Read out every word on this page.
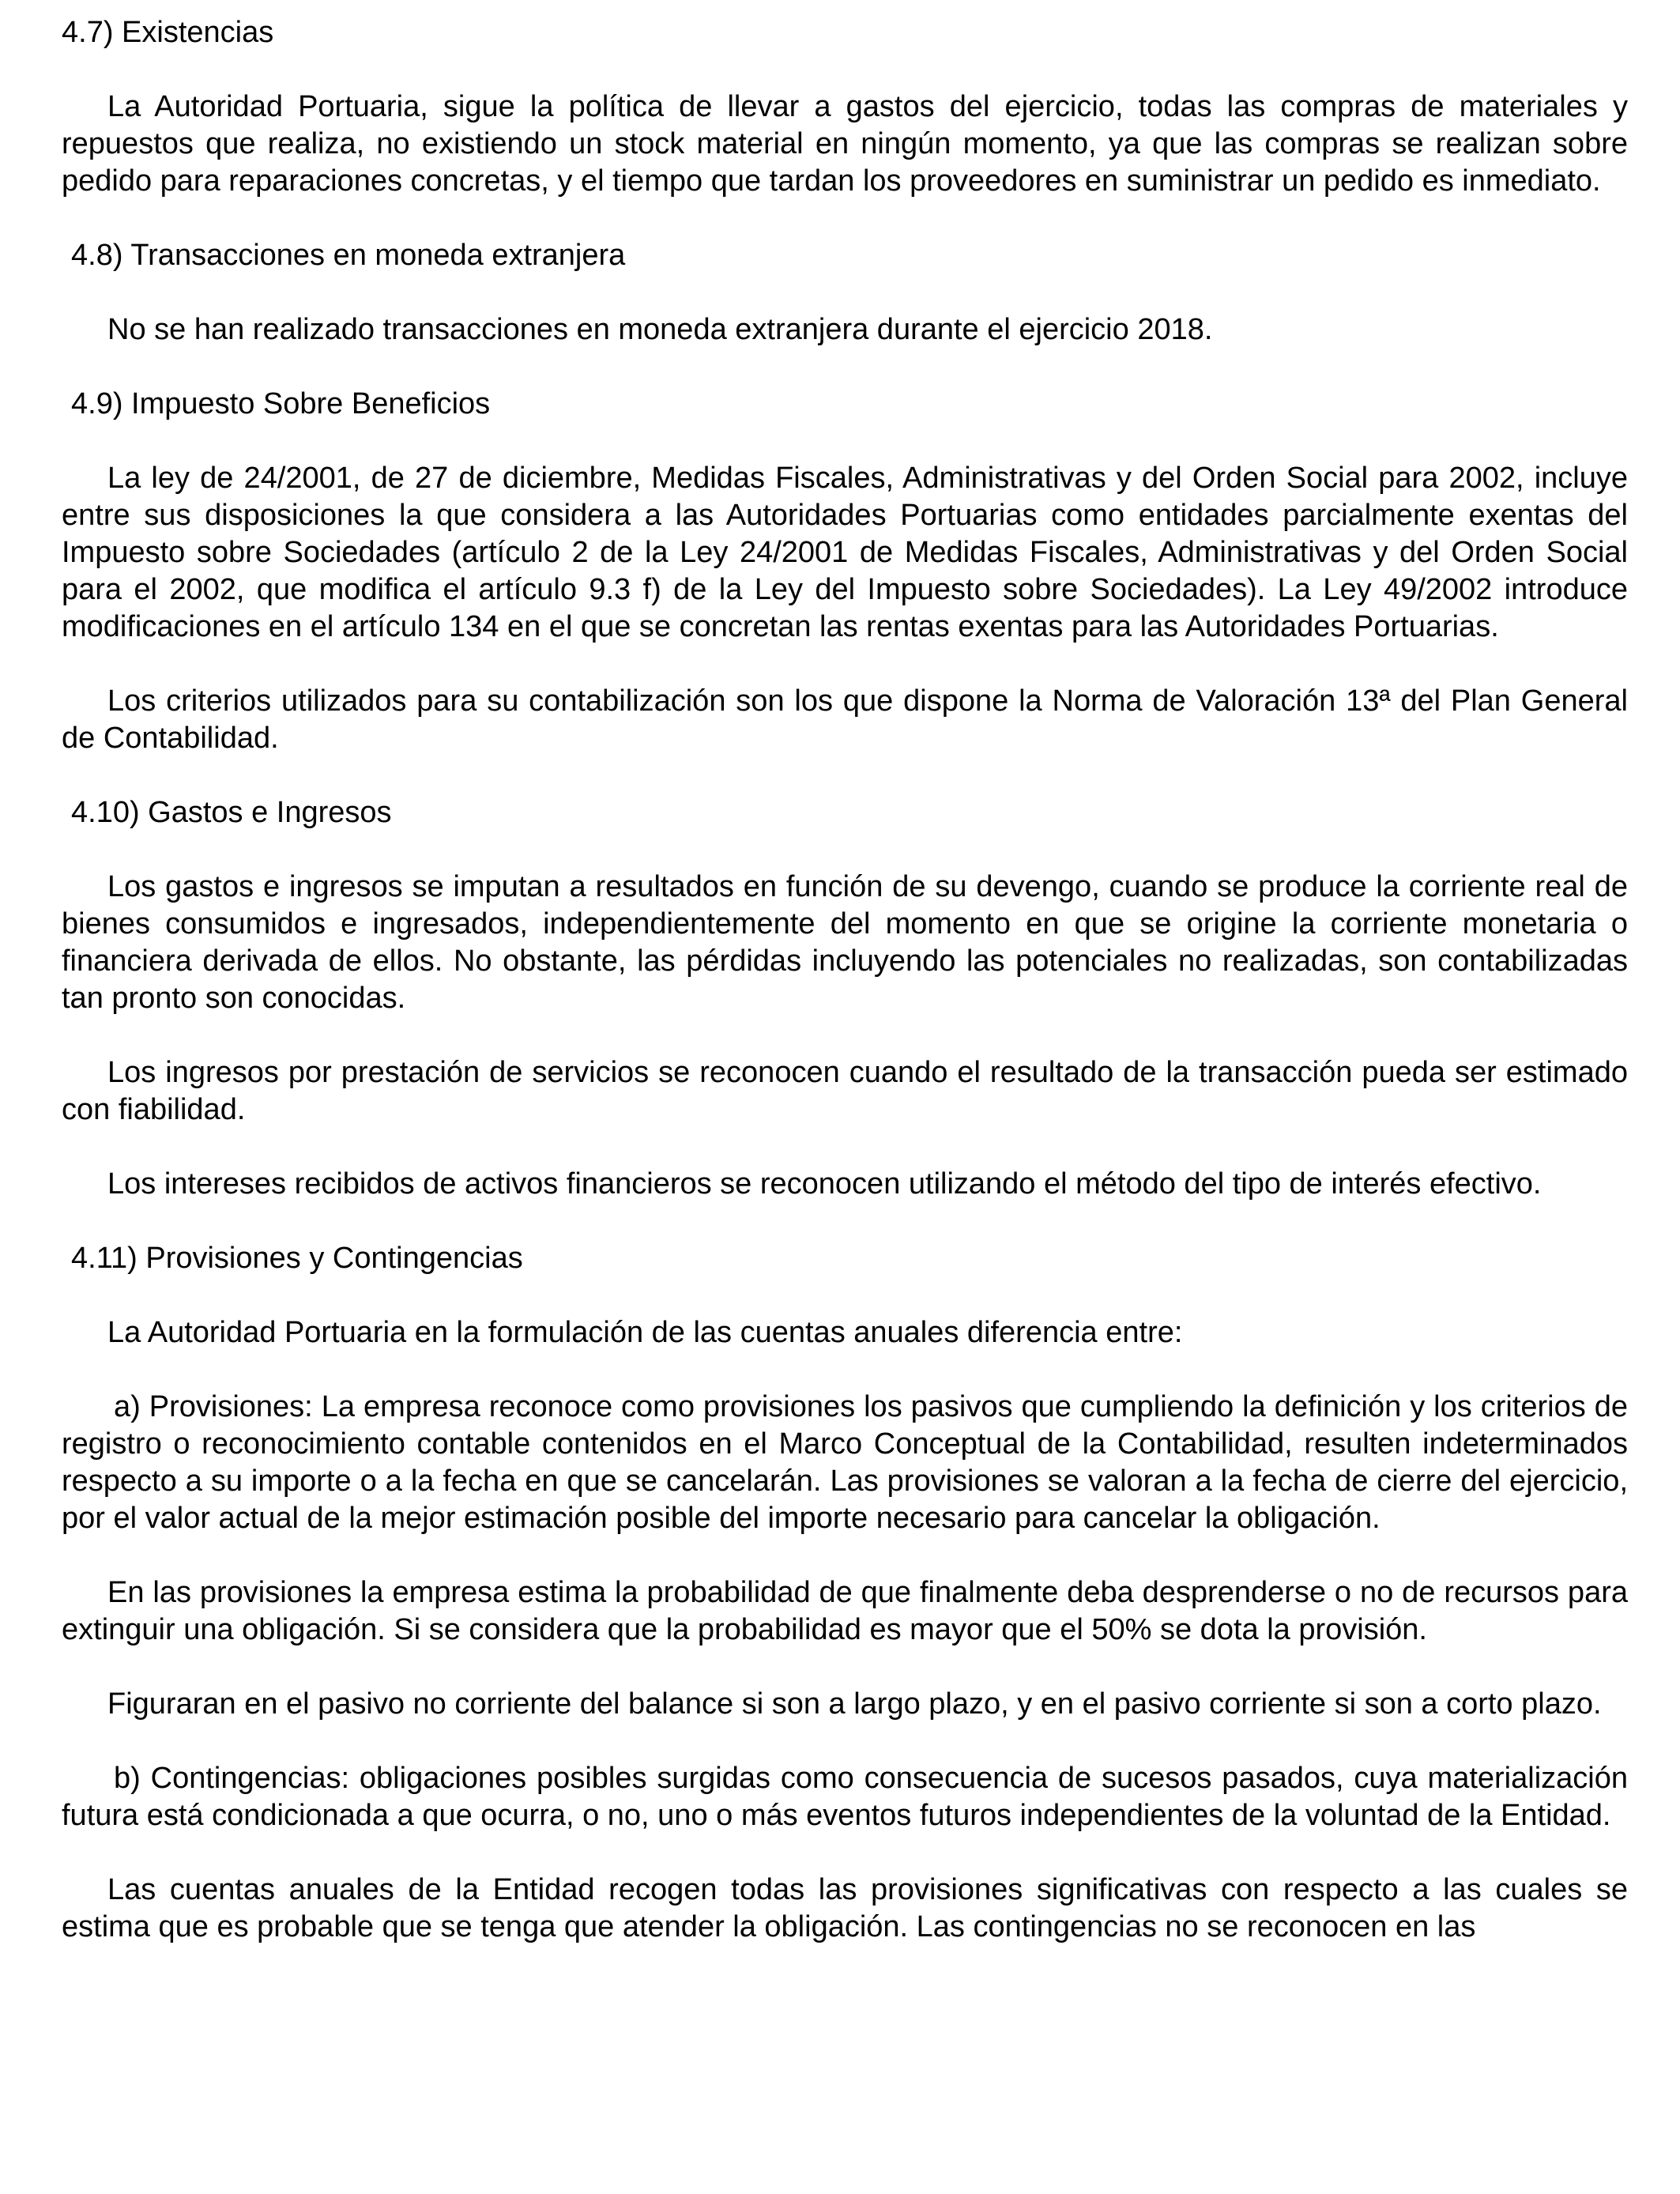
4.7) Existencias

La Autoridad Portuaria, sigue la política de llevar a gastos del ejercicio, todas las compras de materiales y repuestos que realiza, no existiendo un stock material en ningún momento, ya que las compras se realizan sobre pedido para reparaciones concretas, y el tiempo que tardan los proveedores en suministrar un pedido es inmediato.

4.8) Transacciones en moneda extranjera

No se han realizado transacciones en moneda extranjera durante el ejercicio 2018.

4.9) Impuesto Sobre Beneficios

La ley de 24/2001, de 27 de diciembre, Medidas Fiscales, Administrativas y del Orden Social para 2002, incluye entre sus disposiciones la que considera a las Autoridades Portuarias como entidades parcialmente exentas del Impuesto sobre Sociedades (artículo 2 de la Ley 24/2001 de Medidas Fiscales, Administrativas y del Orden Social para el 2002, que modifica el artículo 9.3 f) de la Ley del Impuesto sobre Sociedades). La Ley 49/2002 introduce modificaciones en el artículo 134 en el que se concretan las rentas exentas para las Autoridades Portuarias.

Los criterios utilizados para su contabilización son los que dispone la Norma de Valoración 13ª del Plan General de Contabilidad.

4.10) Gastos e Ingresos

Los gastos e ingresos se imputan a resultados en función de su devengo, cuando se produce la corriente real de bienes consumidos e ingresados, independientemente del momento en que se origine la corriente monetaria o financiera derivada de ellos. No obstante, las pérdidas incluyendo las potenciales no realizadas, son contabilizadas tan pronto son conocidas.

Los ingresos por prestación de servicios se reconocen cuando el resultado de la transacción pueda ser estimado con fiabilidad.

Los intereses recibidos de activos financieros se reconocen utilizando el método del tipo de interés efectivo.

4.11) Provisiones y Contingencias

La Autoridad Portuaria en la formulación de las cuentas anuales diferencia entre:

a) Provisiones: La empresa reconoce como provisiones los pasivos que cumpliendo la definición y los criterios de registro o reconocimiento contable contenidos en el Marco Conceptual de la Contabilidad, resulten indeterminados respecto a su importe o a la fecha en que se cancelarán. Las provisiones se valoran a la fecha de cierre del ejercicio, por el valor actual de la mejor estimación posible del importe necesario para cancelar la obligación.

En las provisiones la empresa estima la probabilidad de que finalmente deba desprenderse o no de recursos para extinguir una obligación. Si se considera que la probabilidad es mayor que el 50% se dota la provisión.

Figuraran en el pasivo no corriente del balance si son a largo plazo, y en el pasivo corriente si son a corto plazo.

b) Contingencias: obligaciones posibles surgidas como consecuencia de sucesos pasados, cuya materialización futura está condicionada a que ocurra, o no, uno o más eventos futuros independientes de la voluntad de la Entidad.

Las cuentas anuales de la Entidad recogen todas las provisiones significativas con respecto a las cuales se estima que es probable que se tenga que atender la obligación. Las contingencias no se reconocen en las
